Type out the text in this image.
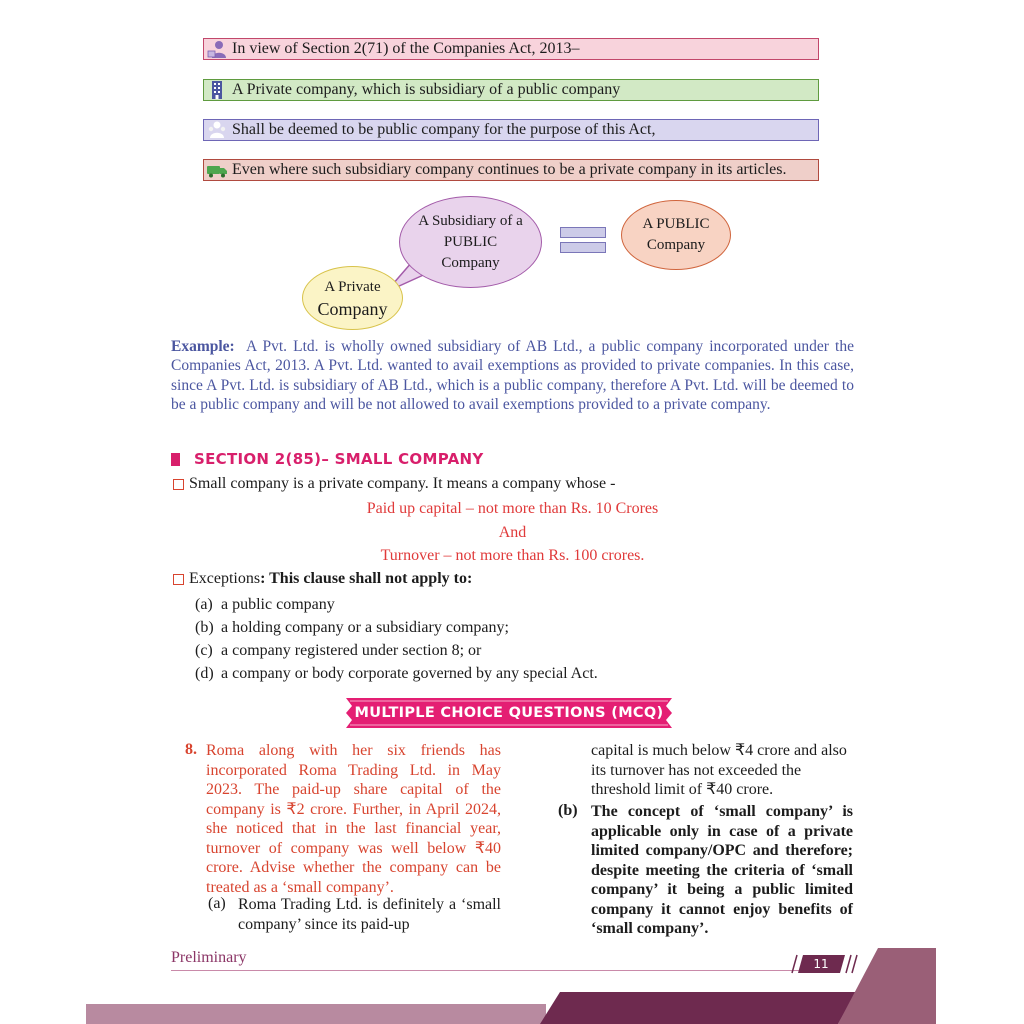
In view of Section 2(71) of the Companies Act, 2013–
A Private company, which is subsidiary of a public company
Shall be deemed to be public company for the purpose of this Act,
Even where such subsidiary company continues to be a private company in its articles.
A Subsidiary of a
PUBLIC
Company
A PUBLIC
Company
A Private
Company
Example: A Pvt. Ltd. is wholly owned subsidiary of AB Ltd., a public company incorporated under the Companies Act, 2013. A Pvt. Ltd. wanted to avail exemptions as provided to private companies. In this case, since A Pvt. Ltd. is subsidiary of AB Ltd., which is a public company, therefore A Pvt. Ltd. will be deemed to be a public company and will be not allowed to avail exemptions provided to a private company.
SECTION 2(85)– SMALL COMPANY
Small company is a private company. It means a company whose -
Paid up capital – not more than Rs. 10 Crores
And
Turnover – not more than Rs. 100 crores.
Exceptions : This clause shall not apply to:
(a) a public company
(b) a holding company or a subsidiary company;
(c) a company registered under section 8; or
(d) a company or body corporate governed by any special Act.
MULTIPLE CHOICE QUESTIONS (MCQ)
8. Roma along with her six friends has incorporated Roma Trading Ltd. in May 2023. The paid-up share capital of the company is ₹2 crore. Further, in April 2024, she noticed that in the last financial year, turnover of company was well below ₹40 crore. Advise whether the company can be treated as a ‘small company’.
(a) Roma Trading Ltd. is definitely a ‘small company’ since its paid-up
capital is much below ₹4 crore and also its turnover has not exceeded the threshold limit of ₹40 crore.
(b) The concept of ‘small company’ is applicable only in case of a private limited company/OPC and therefore; despite meeting the criteria of ‘small company’ it being a public limited company it cannot enjoy benefits of ‘small company’.
Preliminary	11
